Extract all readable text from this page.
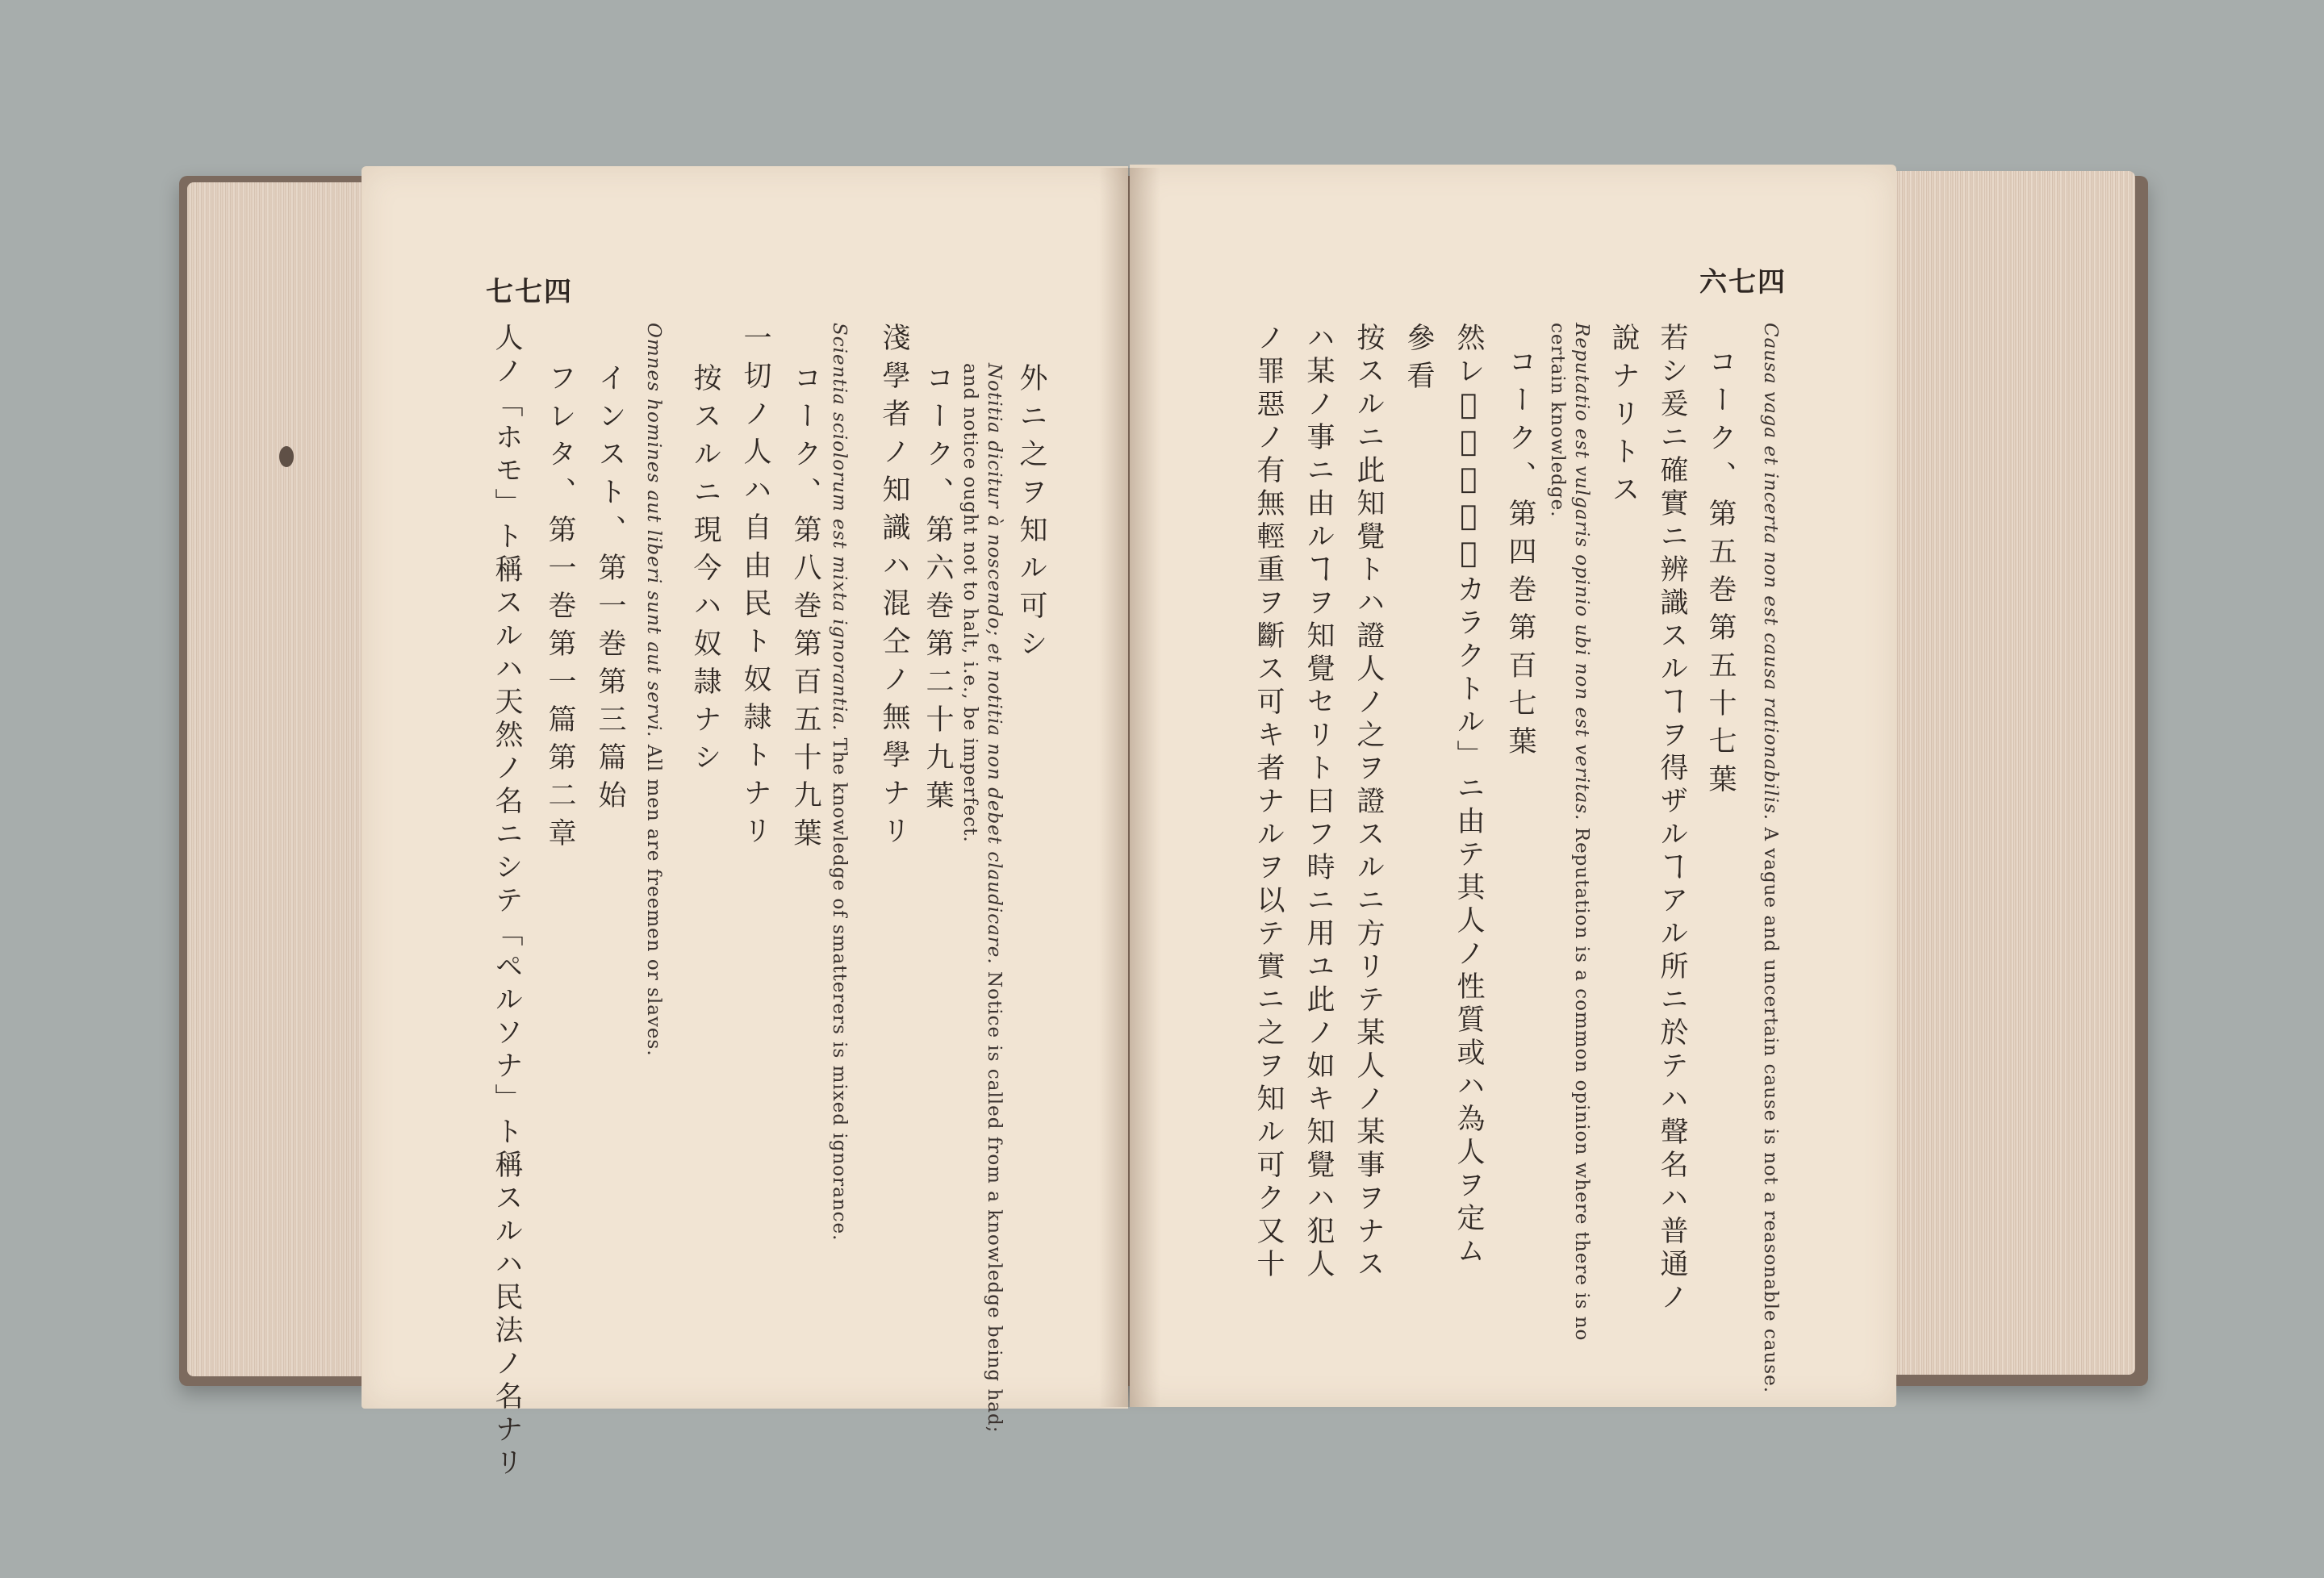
七七四	六七四
外ニ之ヲ知ル可シ
Notitia dicitur à noscendo; et notitia non debet claudicare. Notice is called from a knowledge being had;
and notice ought not to halt, i.e., be imperfect.
コーク、第六巻第二十九葉
淺學者ノ知識ハ混仝ノ無學ナリ
Scientia sciolorum est mixta ignorantia. The knowledge of smatterers is mixed ignorance.
コーク、第八巻第百五十九葉
一切ノ人ハ自由民ト奴隷トナリ
按スルニ現今ハ奴隷ナシ
Omnes homines aut liberi sunt aut servi. All men are freemen or slaves.
インスト、第一巻第三篇始
フレタ、第一巻第一篇第二章
人ノ「ホモ」ト稱スルハ天然ノ名ニシテ「ペルソナ」ト稱スルハ民法ノ名ナリ	Causa vaga et incerta non est causa rationabilis. A vague and uncertain cause is not a reasonable cause.
コーク、第五巻第五十七葉
若シ爰ニ確實ニ辨識スルヿヲ得ザルヿアル所ニ於テハ聲名ハ普通ノ
說ナリトス
Reputatio est vulgaris opinio ubi non est veritas. Reputation is a common opinion where there is no
certain knowledge.
コーク、第四巻第百七葉
然レ𪜈此字書「カラクトル」ニ由テ其人ノ性質或ハ為人ヲ定ム
參看
按スルニ此知覺トハ證人ノ之ヲ證スルニ方リテ某人ノ某事ヲナス
ハ某ノ事ニ由ルヿヲ知覺セリト曰フ時ニ用ユ此ノ如キ知覺ハ犯人
ノ罪惡ノ有無輕重ヲ斷ス可キ者ナルヲ以テ實ニ之ヲ知ル可ク又十
